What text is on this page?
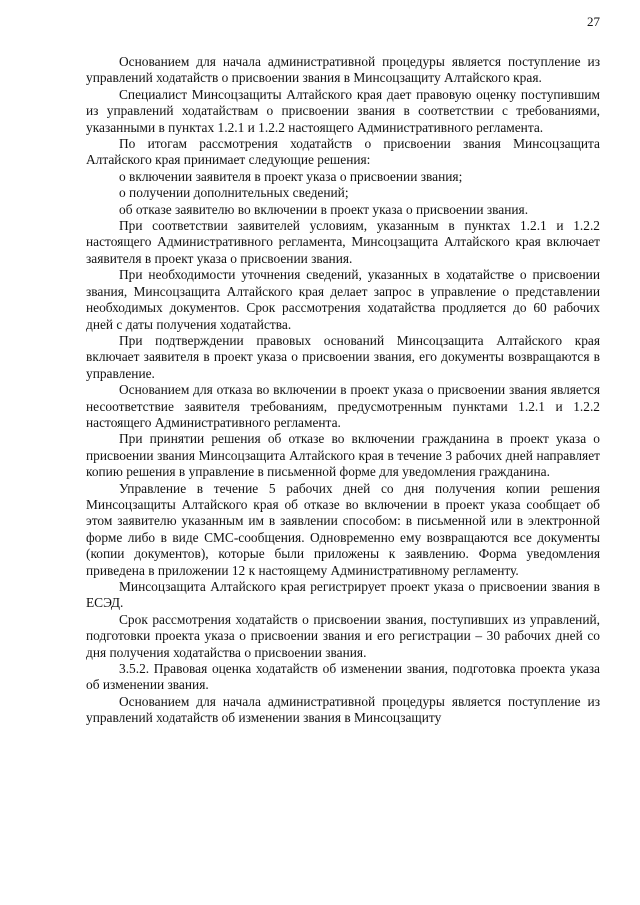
27

Основанием для начала административной процедуры является поступление из управлений ходатайств о присвоении звания в Минсоцзащиту Алтайского края.

Специалист Минсоцзащиты Алтайского края дает правовую оценку поступившим из управлений ходатайствам о присвоении звания в соответствии с требованиями, указанными в пунктах 1.2.1 и 1.2.2 настоящего Административного регламента.

По итогам рассмотрения ходатайств о присвоении звания Минсоцзащита Алтайского края принимает следующие решения:

о включении заявителя в проект указа о присвоении звания;

о получении дополнительных сведений;

об отказе заявителю во включении в проект указа о присвоении звания.

При соответствии заявителей условиям, указанным в пунктах 1.2.1 и 1.2.2 настоящего Административного регламента, Минсоцзащита Алтайского края включает заявителя в проект указа о присвоении звания.

При необходимости уточнения сведений, указанных в ходатайстве о присвоении звания, Минсоцзащита Алтайского края делает запрос в управление о представлении необходимых документов. Срок рассмотрения ходатайства продляется до 60 рабочих дней с даты получения ходатайства.

При подтверждении правовых оснований Минсоцзащита Алтайского края включает заявителя в проект указа о присвоении звания, его документы возвращаются в управление.

Основанием для отказа во включении в проект указа о присвоении звания является несоответствие заявителя требованиям, предусмотренным пунктами 1.2.1 и 1.2.2 настоящего Административного регламента.

При принятии решения об отказе во включении гражданина в проект указа о присвоении звания Минсоцзащита Алтайского края в течение 3 рабочих дней направляет копию решения в управление в письменной форме для уведомления гражданина.

Управление в течение 5 рабочих дней со дня получения копии решения Минсоцзащиты Алтайского края об отказе во включении в проект указа сообщает об этом заявителю указанным им в заявлении способом: в письменной или в электронной форме либо в виде СМС-сообщения. Одновременно ему возвращаются все документы (копии документов), которые были приложены к заявлению. Форма уведомления приведена в приложении 12 к настоящему Административному регламенту.

Минсоцзащита Алтайского края регистрирует проект указа о присвоении звания в ЕСЭД.

Срок рассмотрения ходатайств о присвоении звания, поступивших из управлений, подготовки проекта указа о присвоении звания и его регистрации – 30 рабочих дней со дня получения ходатайства о присвоении звания.

3.5.2. Правовая оценка ходатайств об изменении звания, подготовка проекта указа об изменении звания.

Основанием для начала административной процедуры является поступление из управлений ходатайств об изменении звания в Минсоцзащиту
